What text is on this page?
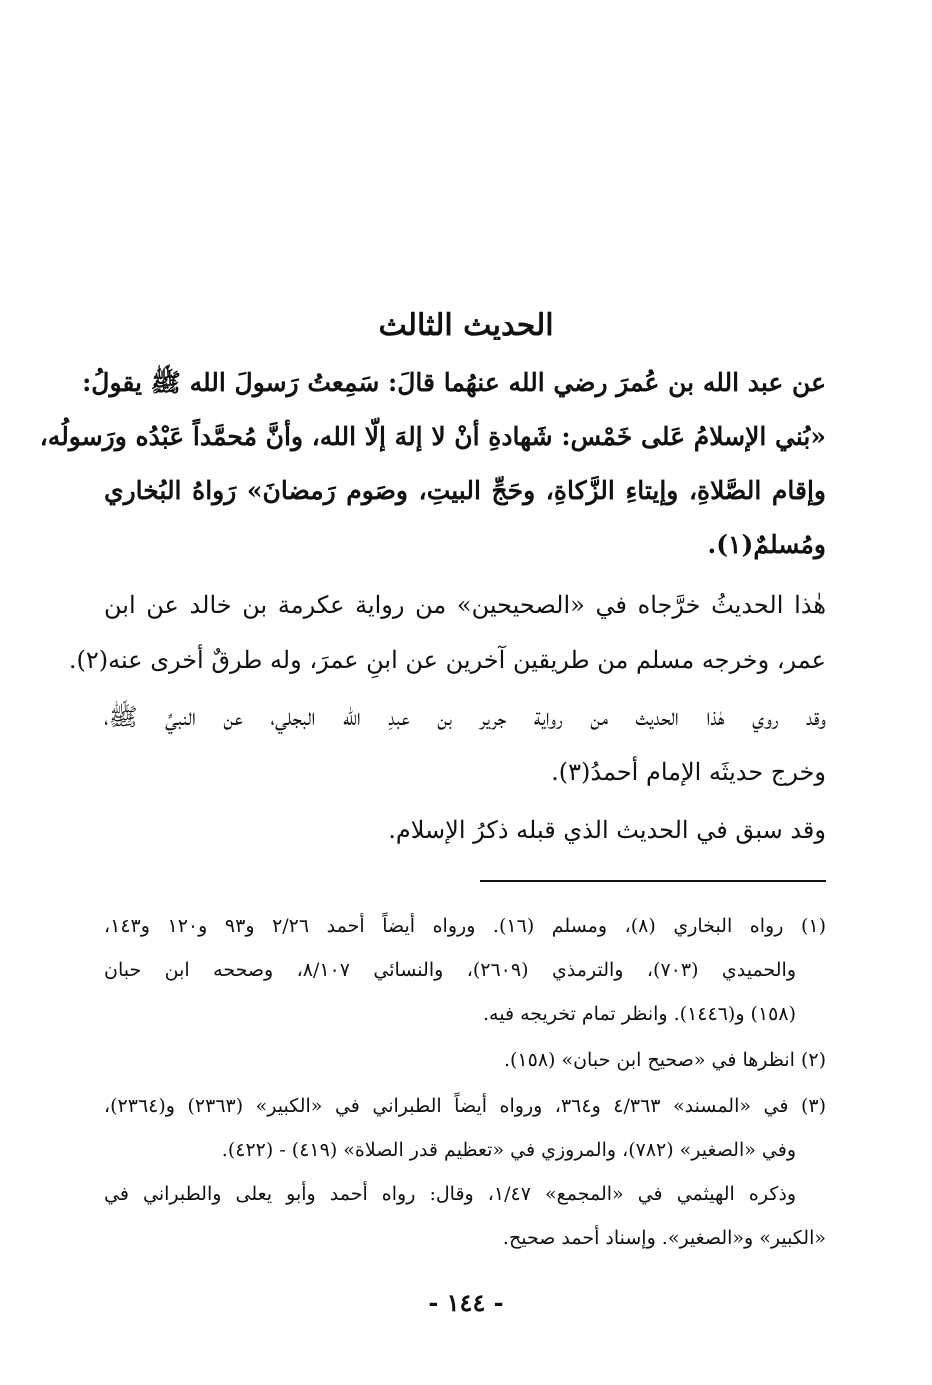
الحديث الثالث
عن عبد الله بن عُمرَ رضي الله عنهُما قالَ: سَمِعتُ رَسولَ الله ﷺ يقولُ:
«بُني الإسلامُ عَلى خَمْس: شَهادةِ أنْ لا إلهَ إلّا الله، وأنَّ مُحمَّداً عَبْدُه ورَسولُه،
وإقام الصَّلاةِ، وإيتاءِ الزَّكاةِ، وحَجِّ البيتِ، وصَوم رَمضانَ» رَواهُ البُخاري
ومُسلمٌ(١).
هٰذا الحديثُ خرَّجاه في «الصحيحين» من رواية عكرمة بن خالد عن ابن
عمر، وخرجه مسلم من طريقين آخرين عن ابنِ عمرَ، وله طرقٌ أخرى عنه(٢).
وقد روي هٰذا الحديث من رواية جرير بن عبدِ الله البجلي، عن النبيِّ ﷺ،
وخرج حديثَه الإمام أحمدُ(٣).
وقد سبق في الحديث الذي قبله ذكرُ الإسلام.
(١) رواه البخاري (٨)، ومسلم (١٦). ورواه أيضاً أحمد ٢/٢٦ و٩٣ و١٢٠ و١٤٣،
والحميدي (٧٠٣)، والترمذي (٢٦٠٩)، والنسائي ٨/١٠٧، وصححه ابن حبان
(١٥٨) و(١٤٤٦). وانظر تمام تخريجه فيه.
(٢) انظرها في «صحيح ابن حبان» (١٥٨).
(٣) في «المسند» ٤/٣٦٣ و٣٦٤، ورواه أيضاً الطبراني في «الكبير» (٢٣٦٣) و(٢٣٦٤)،
وفي «الصغير» (٧٨٢)، والمروزي في «تعظيم قدر الصلاة» (٤١٩) - (٤٢٢).
وذكره الهيثمي في «المجمع» ١/٤٧، وقال: رواه أحمد وأبو يعلى والطبراني في
«الكبير» و«الصغير». وإسناد أحمد صحيح.
- ١٤٤ -
